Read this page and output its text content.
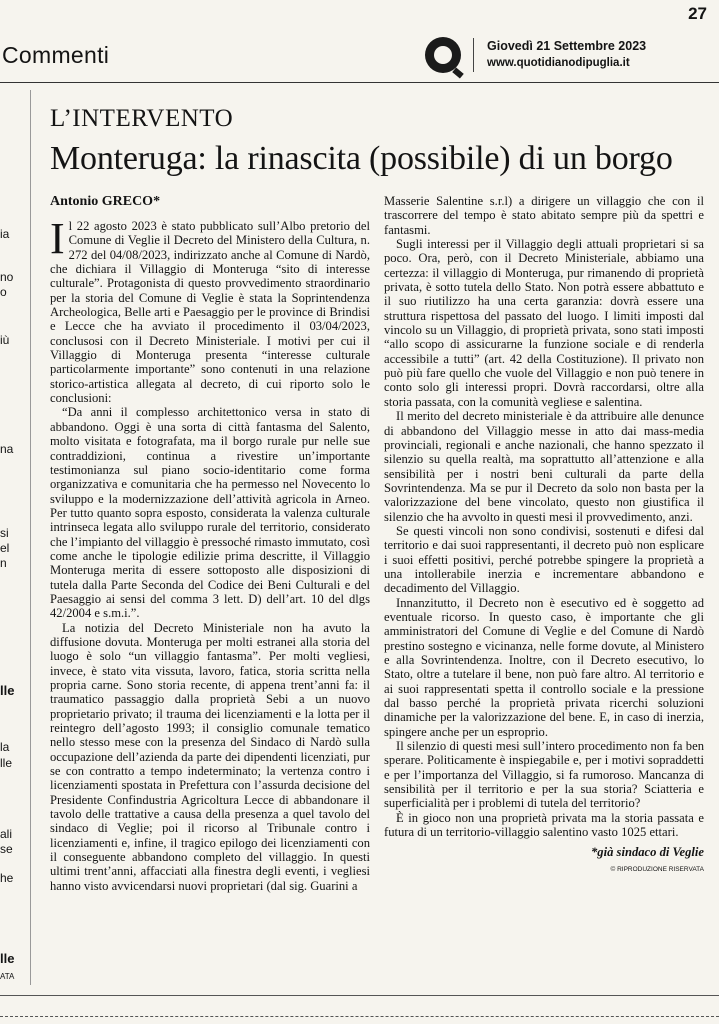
27
Commenti	Giovedì 21 Settembre 2023
www.quotidianodipuglia.it
ia
no
o
iù
na
si
el
n
lle
la
lle
ali
se
he
lle
ATA
L’INTERVENTO
Monteruga: la rinascita (possibile) di un borgo
Antonio GRECO*

Il 22 agosto 2023 è stato pubblicato sull’Albo pretorio del Comune di Veglie il Decreto del Ministero della Cultura, n. 272 del 04/08/2023, indirizzato anche al Comune di Nardò, che dichiara il Villaggio di Monteruga “sito di interesse culturale”. Protagonista di questo provvedimento straordinario per la storia del Comune di Veglie è stata la Soprintendenza Archeologica, Belle arti e Paesaggio per le province di Brindisi e Lecce che ha avviato il procedimento il 03/04/2023, conclusosi con il Decreto Ministeriale. I motivi per cui il Villaggio di Monteruga presenta “interesse culturale particolarmente importante” sono contenuti in una relazione storico-artistica allegata al decreto, di cui riporto solo le conclusioni:

“Da anni il complesso architettonico versa in stato di abbandono. Oggi è una sorta di città fantasma del Salento, molto visitata e fotografata, ma il borgo rurale pur nelle sue contraddizioni, continua a rivestire un’importante testimonianza sul piano socio-identitario come forma organizzativa e comunitaria che ha permesso nel Novecento lo sviluppo e la modernizzazione dell’attività agricola in Arneo. Per tutto quanto sopra esposto, considerata la valenza culturale intrinseca legata allo sviluppo rurale del territorio, considerato che l’impianto del villaggio è pressoché rimasto immutato, così come anche le tipologie edilizie prima descritte, il Villaggio Monteruga merita di essere sottoposto alle disposizioni di tutela dalla Parte Seconda del Codice dei Beni Culturali e del Paesaggio ai sensi del comma 3 lett. D) dell’art. 10 del dlgs 42/2004 e s.m.i.”.

La notizia del Decreto Ministeriale non ha avuto la diffusione dovuta. Monteruga per molti estranei alla storia del luogo è solo “un villaggio fantasma”. Per molti vegliesi, invece, è stato vita vissuta, lavoro, fatica, storia scritta nella propria carne. Sono storia recente, di appena trent’anni fa: il traumatico passaggio dalla proprietà Sebi a un nuovo proprietario privato; il trauma dei licenziamenti e la lotta per il reintegro dell’agosto 1993; il consiglio comunale tematico nello stesso mese con la presenza del Sindaco di Nardò sulla occupazione dell’azienda da parte dei dipendenti licenziati, pur se con contratto a tempo indeterminato; la vertenza contro i licenziamenti spostata in Prefettura con l’assurda decisione del Presidente Confindustria Agricoltura Lecce di abbandonare il tavolo delle trattative a causa della presenza a quel tavolo del sindaco di Veglie; poi il ricorso al Tribunale contro i licenziamenti e, infine, il tragico epilogo dei licenziamenti con il conseguente abbandono completo del villaggio. In questi ultimi trent’anni, affacciati alla finestra degli eventi, i vegliesi hanno visto avvicendarsi nuovi proprietari (dal sig. Guarini a

Masserie Salentine s.r.l) a dirigere un villaggio che con il trascorrere del tempo è stato abitato sempre più da spettri e fantasmi.

Sugli interessi per il Villaggio degli attuali proprietari si sa poco. Ora, però, con il Decreto Ministeriale, abbiamo una certezza: il villaggio di Monteruga, pur rimanendo di proprietà privata, è sotto tutela dello Stato. Non potrà essere abbattuto e il suo riutilizzo ha una certa garanzia: dovrà essere una struttura rispettosa del passato del luogo. I limiti imposti dal vincolo su un Villaggio, di proprietà privata, sono stati imposti “allo scopo di assicurarne la funzione sociale e di renderla accessibile a tutti” (art. 42 della Costituzione). Il privato non può più fare quello che vuole del Villaggio e non può tenere in conto solo gli interessi propri. Dovrà raccordarsi, oltre alla storia passata, con la comunità vegliese e salentina.

Il merito del decreto ministeriale è da attribuire alle denunce di abbandono del Villaggio messe in atto dai mass-media provinciali, regionali e anche nazionali, che hanno spezzato il silenzio su quella realtà, ma soprattutto all’attenzione e alla sensibilità per i nostri beni culturali da parte della Sovrintendenza. Ma se pur il Decreto da solo non basta per la valorizzazione del bene vincolato, questo non giustifica il silenzio che ha avvolto in questi mesi il provvedimento, anzi.

Se questi vincoli non sono condivisi, sostenuti e difesi dal territorio e dai suoi rappresentanti, il decreto può non esplicare i suoi effetti positivi, perché potrebbe spingere la proprietà a una intollerabile inerzia e incrementare abbandono e decadimento del Villaggio.

Innanzitutto, il Decreto non è esecutivo ed è soggetto ad eventuale ricorso. In questo caso, è importante che gli amministratori del Comune di Veglie e del Comune di Nardò prestino sostegno e vicinanza, nelle forme dovute, al Ministero e alla Sovrintendenza. Inoltre, con il Decreto esecutivo, lo Stato, oltre a tutelare il bene, non può fare altro. Al territorio e ai suoi rappresentati spetta il controllo sociale e la pressione dal basso perché la proprietà privata ricerchi soluzioni dinamiche per la valorizzazione del bene. E, in caso di inerzia, spingere anche per un esproprio.

Il silenzio di questi mesi sull’intero procedimento non fa ben sperare. Politicamente è inspiegabile e, per i motivi sopraddetti e per l’importanza del Villaggio, si fa rumoroso. Mancanza di sensibilità per il territorio e per la sua storia? Sciatteria e superficialità per i problemi di tutela del territorio?

È in gioco non una proprietà privata ma la storia passata e futura di un territorio-villaggio salentino vasto 1025 ettari.

*già sindaco di Veglie
© RIPRODUZIONE RISERVATA
